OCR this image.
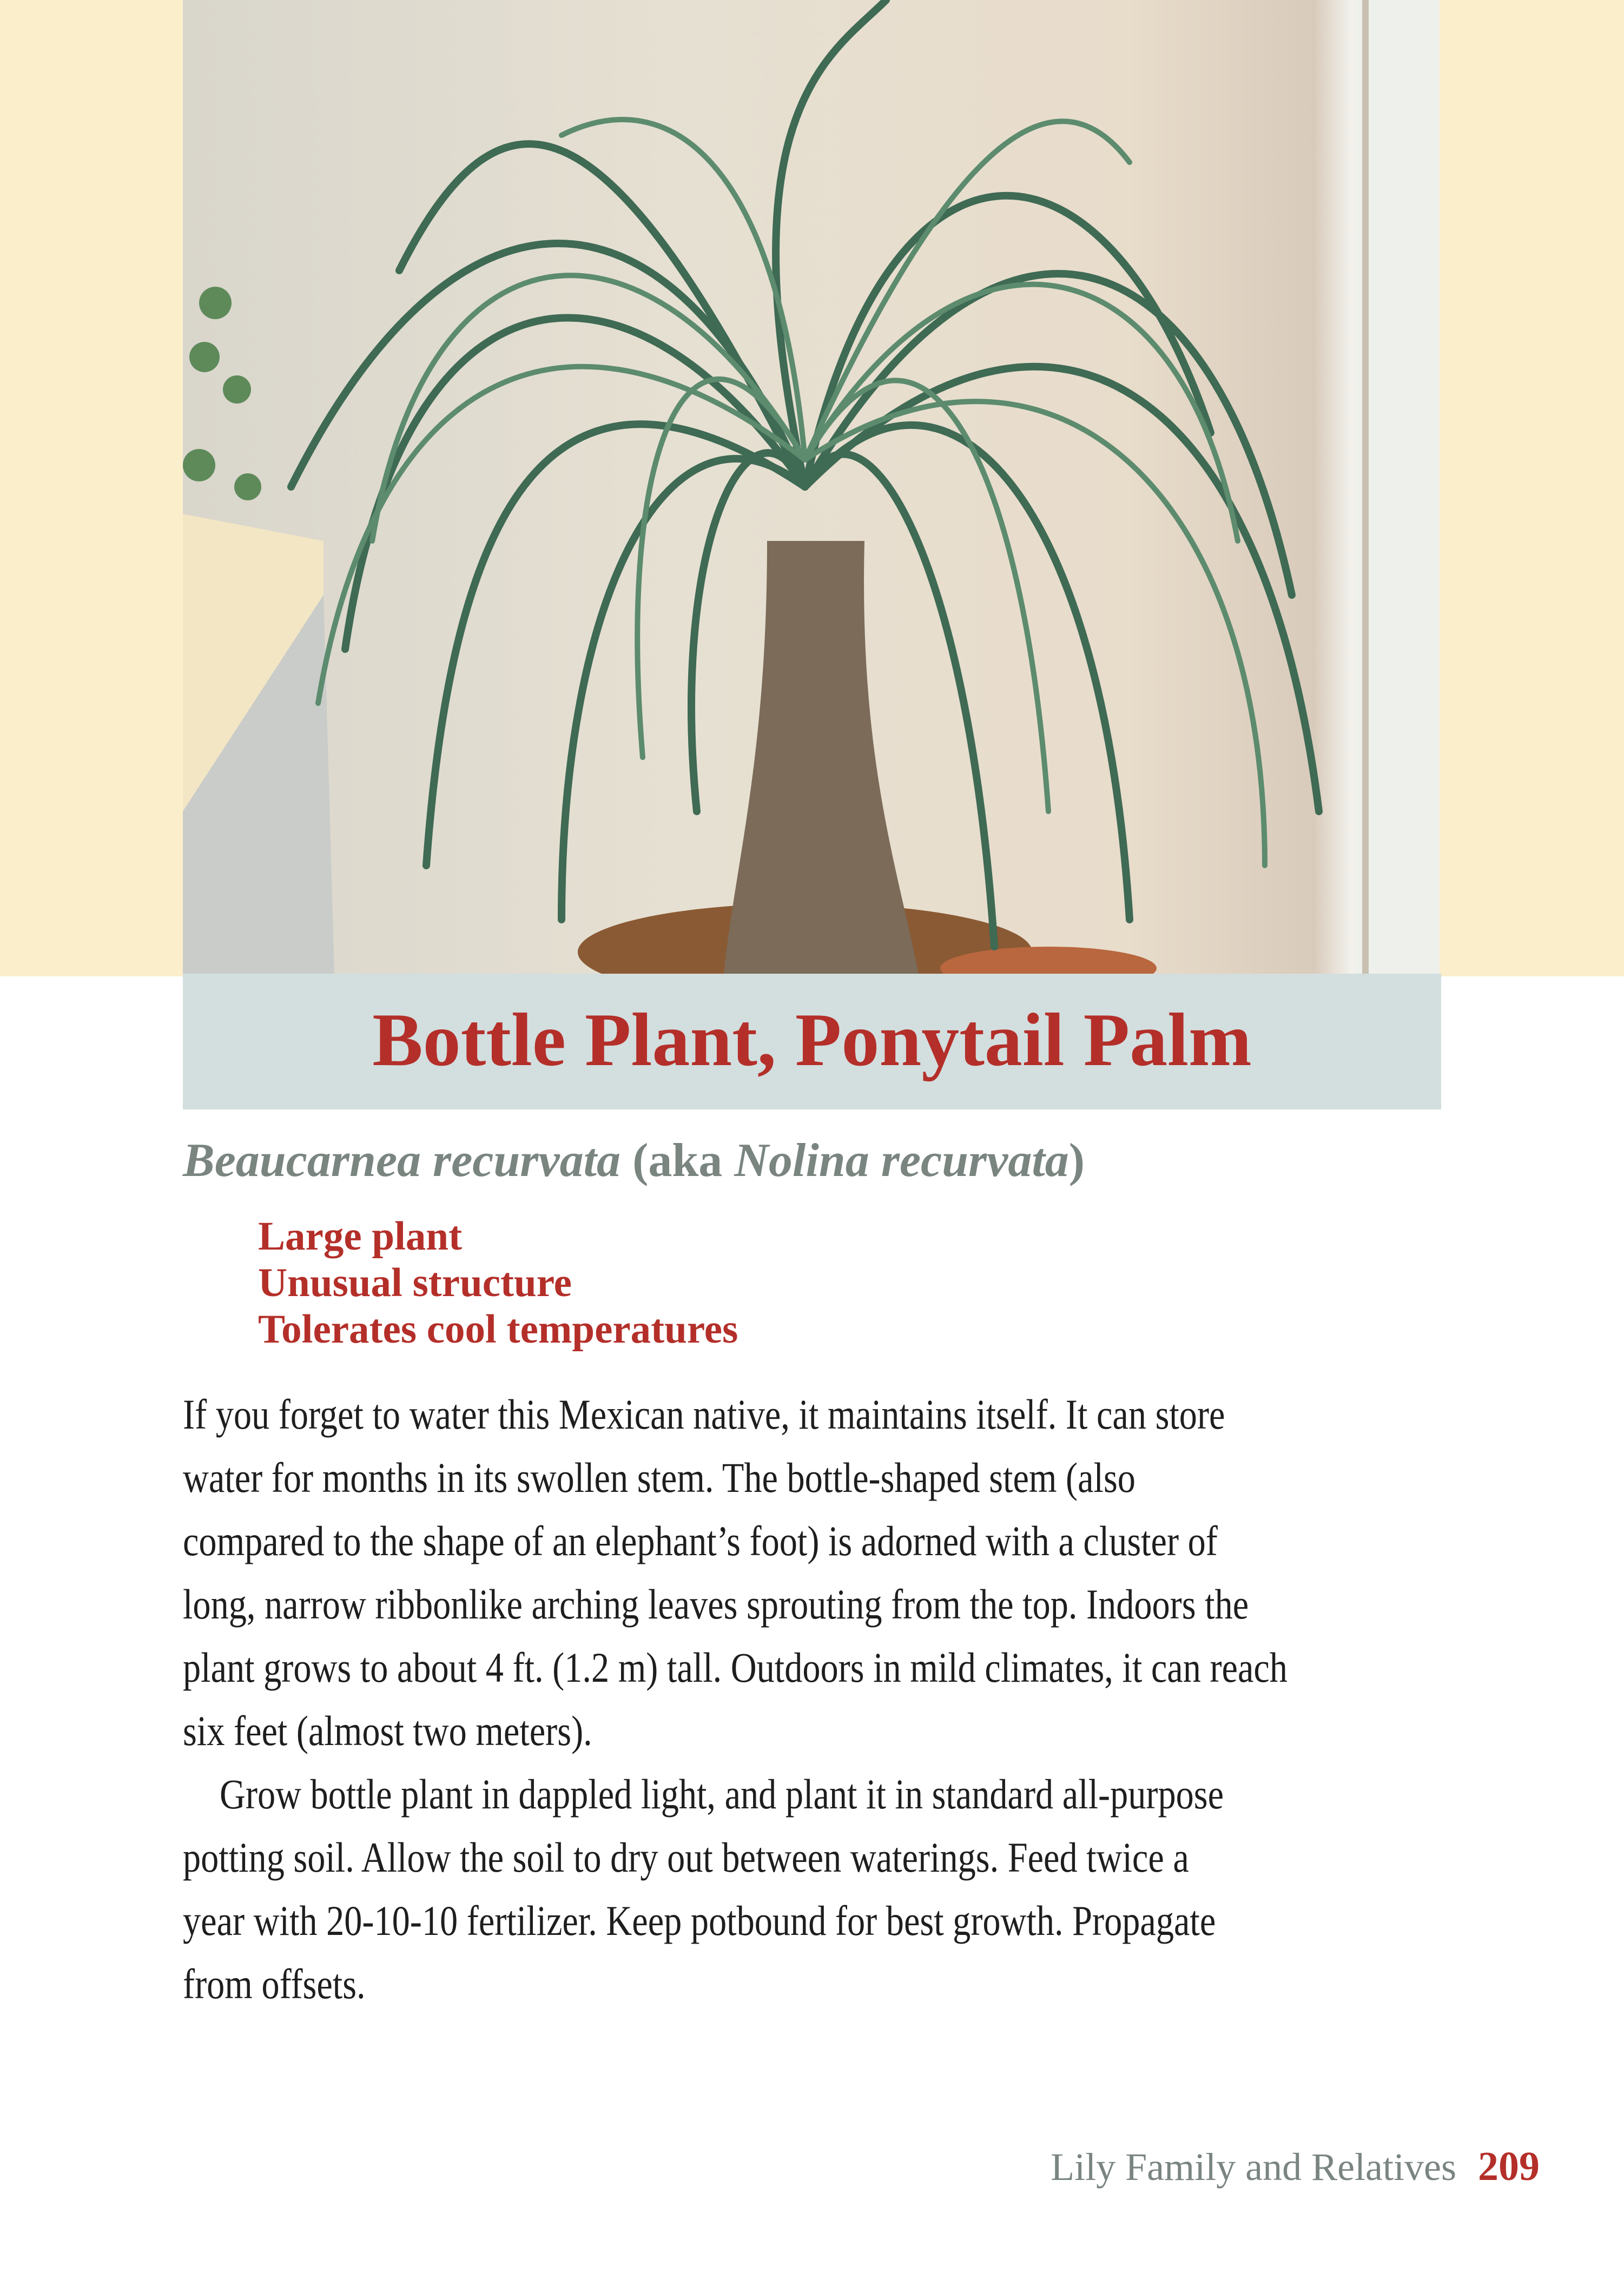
Bottle Plant, Ponytail Palm
Beaucarnea recurvata (aka Nolina recurvata)
Large plant
Unusual structure
Tolerates cool temperatures
If you forget to water this Mexican native, it maintains itself. It can store
water for months in its swollen stem. The bottle-shaped stem (also
compared to the shape of an elephant’s foot) is adorned with a cluster of
long, narrow ribbonlike arching leaves sprouting from the top. Indoors the
plant grows to about 4 ft. (1.2 m) tall. Outdoors in mild climates, it can reach
six feet (almost two meters).
Grow bottle plant in dappled light, and plant it in standard all-purpose
potting soil. Allow the soil to dry out between waterings. Feed twice a
year with 20-10-10 fertilizer. Keep potbound for best growth. Propagate
from offsets.
Lily Family and Relatives 209
